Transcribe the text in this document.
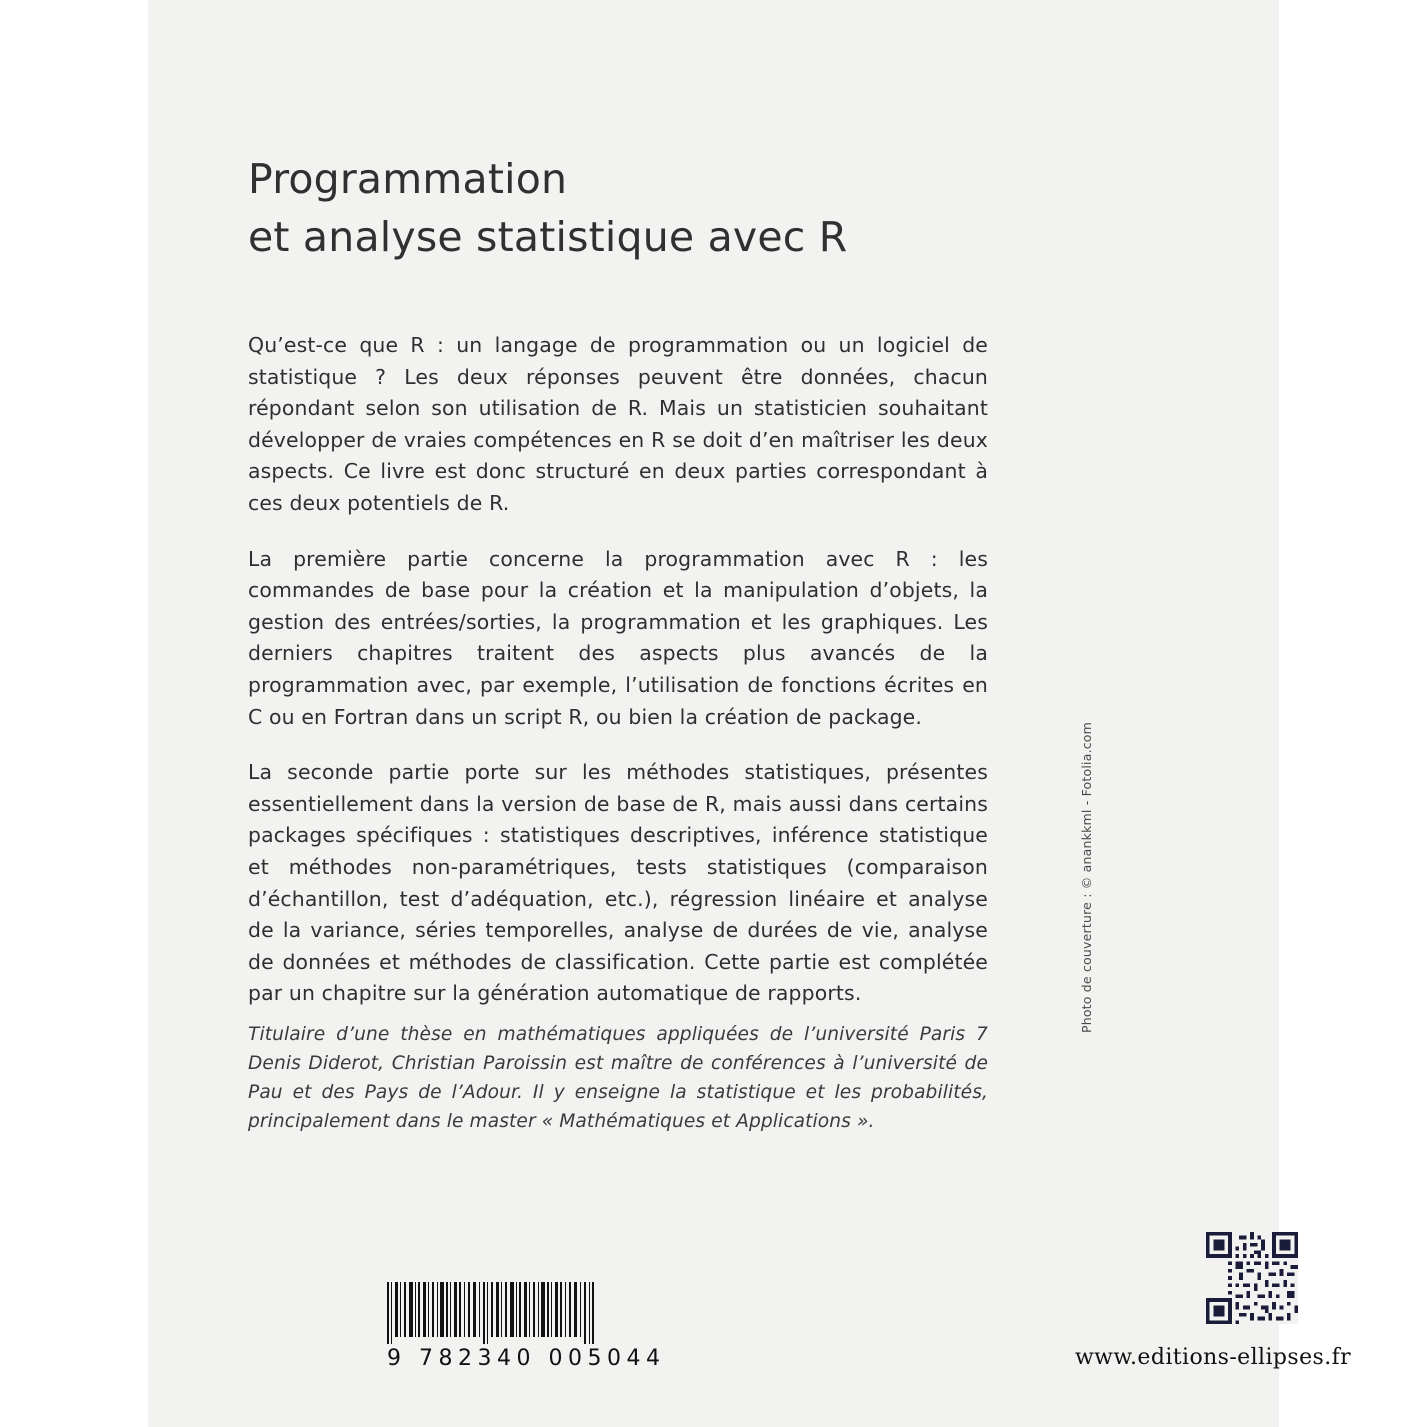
Programmation
et analyse statistique avec R

Qu’est-ce que R : un langage de programmation ou un logiciel de statistique ? Les deux réponses peuvent être données, chacun répondant selon son utilisation de R. Mais un statisticien souhaitant développer de vraies compétences en R se doit d’en maîtriser les deux aspects. Ce livre est donc structuré en deux parties correspondant à ces deux potentiels de R.

La première partie concerne la programmation avec R : les commandes de base pour la création et la manipulation d’objets, la gestion des entrées/sorties, la programmation et les graphiques. Les derniers chapitres traitent des aspects plus avancés de la programmation avec, par exemple, l’utilisation de fonctions écrites en C ou en Fortran dans un script R, ou bien la création de package.

La seconde partie porte sur les méthodes statistiques, présentes essentiellement dans la version de base de R, mais aussi dans certains packages spécifiques : statistiques descriptives, inférence statistique et méthodes non-paramétriques, tests statistiques (comparaison d’échantillon, test d’adéquation, etc.), régression linéaire et analyse de la variance, séries temporelles, analyse de durées de vie, analyse de données et méthodes de classification. Cette partie est complétée par un chapitre sur la génération automatique de rapports.

Titulaire d’une thèse en mathématiques appliquées de l’université Paris 7 Denis Diderot, Christian Paroissin est maître de conférences à l’université de Pau et des Pays de l’Adour. Il y enseigne la statistique et les probabilités, principalement dans le master « Mathématiques et Applications ».

Photo de couverture : © anankkml - Fotolia.com
9 782340 005044	www.editions-ellipses.fr
